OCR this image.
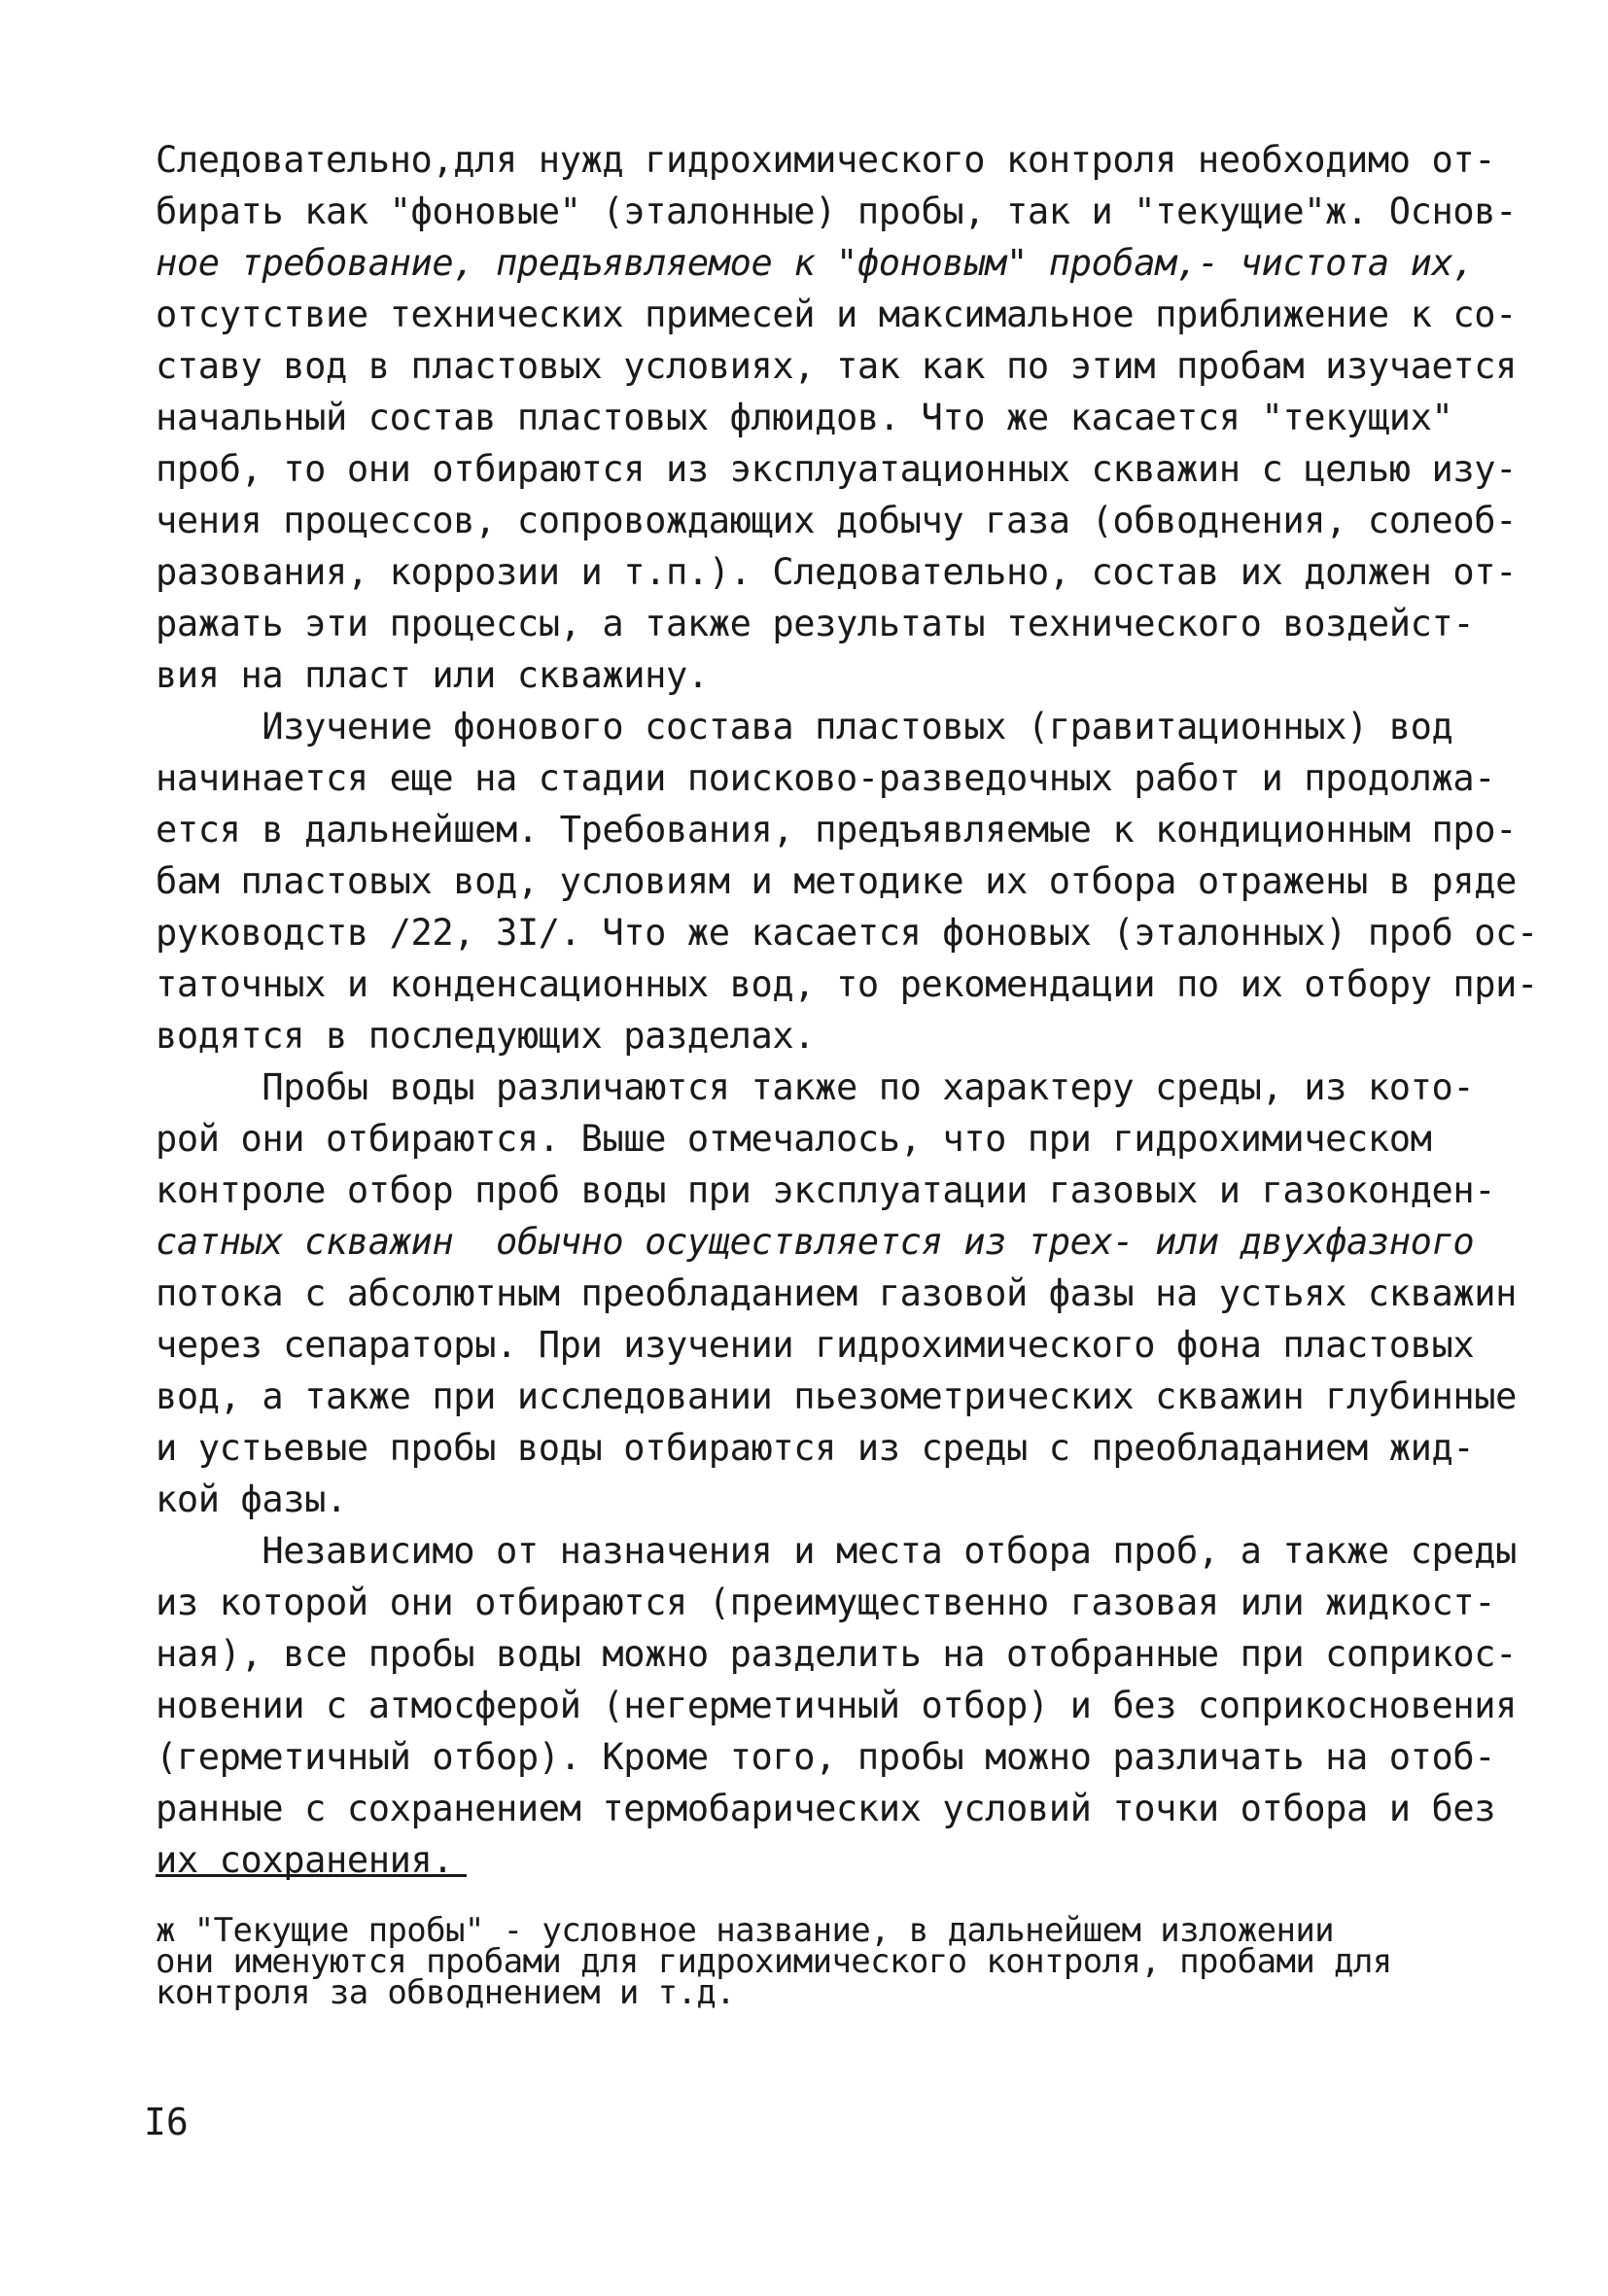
Следовательно,для нужд гидрохимического контроля необходимо от-
бирать как "фоновые" (эталонные) пробы, так и "текущие"ж. Основ-
ное требование, предъявляемое к "фоновым" пробам,- чистота их,
отсутствие технических примесей и максимальное приближение к со-
ставу вод в пластовых условиях, так как по этим пробам изучается
начальный состав пластовых флюидов. Что же касается "текущих"
проб, то они отбираются из эксплуатационных скважин с целью изу-
чения процессов, сопровождающих добычу газа (обводнения, солеоб-
разования, коррозии и т.п.). Следовательно, состав их должен от-
ражать эти процессы, а также результаты технического воздейст-
вия на пласт или скважину.
Изучение фонового состава пластовых (гравитационных) вод
начинается еще на стадии поисково-разведочных работ и продолжа-
ется в дальнейшем. Требования, предъявляемые к кондиционным про-
бам пластовых вод, условиям и методике их отбора отражены в ряде
руководств /22, 3I/. Что же касается фоновых (эталонных) проб ос-
таточных и конденсационных вод, то рекомендации по их отбору при-
водятся в последующих разделах.
Пробы воды различаются также по характеру среды, из кото-
рой они отбираются. Выше отмечалось, что при гидрохимическом
контроле отбор проб воды при эксплуатации газовых и газоконден-
сатных скважин  обычно осуществляется из трех- или двухфазного
потока с абсолютным преобладанием газовой фазы на устьях скважин
через сепараторы. При изучении гидрохимического фона пластовых
вод, а также при исследовании пьезометрических скважин глубинные
и устьевые пробы воды отбираются из среды с преобладанием жид-
кой фазы.
Независимо от назначения и места отбора проб, а также среды
из которой они отбираются (преимущественно газовая или жидкост-
ная), все пробы воды можно разделить на отобранные при соприкос-
новении с атмосферой (негерметичный отбор) и без соприкосновения
(герметичный отбор). Кроме того, пробы можно различать на отоб-
ранные с сохранением термобарических условий точки отбора и без
их сохранения.
ж "Текущие пробы" - условное название, в дальнейшем изложении
они именуются пробами для гидрохимического контроля, пробами для
контроля за обводнением и т.д.
I6
